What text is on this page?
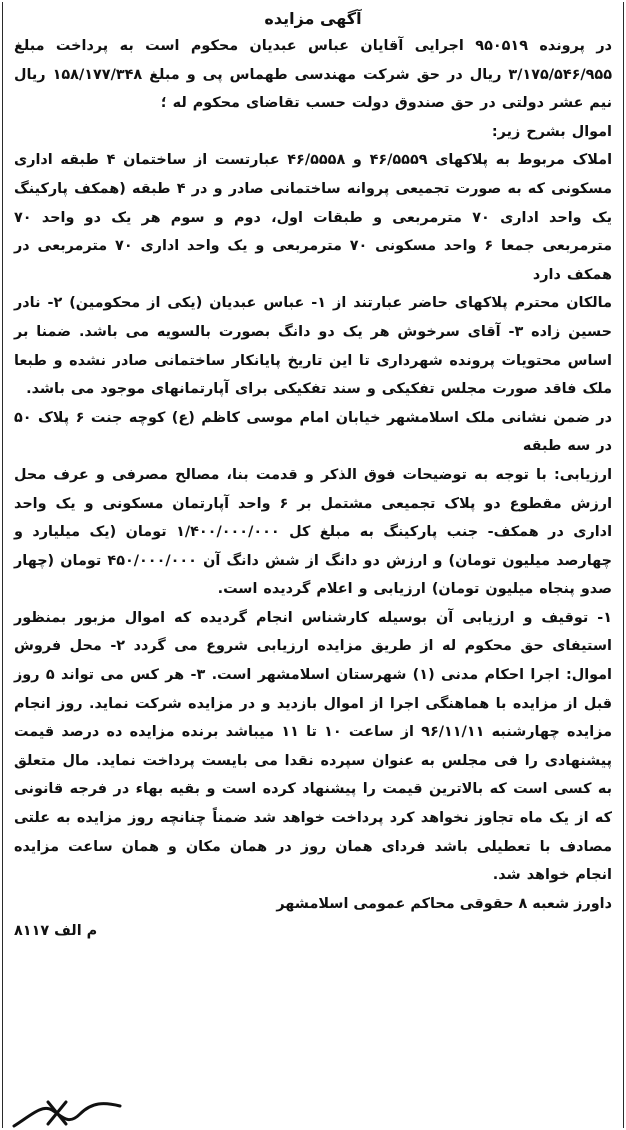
آگهی مزایده

در پرونده ۹۵۰۵۱۹ اجرایی آقایان عباس عبدیان محکوم است به پرداخت مبلغ ۳/۱۷۵/۵۴۶/۹۵۵ ریال در حق شرکت مهندسی طهماس پی و مبلغ ۱۵۸/۱۷۷/۳۴۸ ریال نیم عشر دولتی در حق صندوق دولت حسب تقاضای محکوم له ؛

اموال بشرح زیر:

املاک مربوط به پلاکهای ۴۶/۵۵۵۹ و ۴۶/۵۵۵۸ عبارتست از ساختمان ۴ طبقه اداری مسکونی که به صورت تجمیعی پروانه ساختمانی صادر و در ۴ طبقه (همکف پارکینگ یک واحد اداری ۷۰ مترمربعی و طبقات اول، دوم و سوم هر یک دو واحد ۷۰ مترمربعی جمعا ۶ واحد مسکونی ۷۰ مترمربعی و یک واحد اداری ۷۰ مترمربعی در همکف دارد

مالکان محترم پلاکهای حاضر عبارتند از ۱- عباس عبدیان (یکی از محکومین) ۲- نادر حسین زاده ۳- آقای سرخوش هر یک دو دانگ بصورت بالسویه می باشد. ضمنا بر اساس محتویات پرونده شهرداری تا این تاریخ پایانکار ساختمانی صادر نشده و طبعا ملک فاقد صورت مجلس تفکیکی و سند تفکیکی برای آپارتمانهای موجود می باشد.

در ضمن نشانی ملک اسلامشهر خیابان امام موسی کاظم (ع) کوچه جنت ۶ پلاک ۵۰ در سه طبقه

ارزیابی: با توجه به توضیحات فوق الذکر و قدمت بنا، مصالح مصرفی و عرف محل ارزش مقطوع دو پلاک تجمیعی مشتمل بر ۶ واحد آپارتمان مسکونی و یک واحد اداری در همکف- جنب پارکینگ به مبلغ کل ۱/۴۰۰/۰۰۰/۰۰۰ تومان (یک میلیارد و چهارصد میلیون تومان) و ارزش دو دانگ از شش دانگ آن ۴۵۰/۰۰۰/۰۰۰ تومان (چهار صدو پنجاه میلیون تومان) ارزیابی و اعلام گردیده است.

۱- توقیف و ارزیابی آن بوسیله کارشناس انجام گردیده که اموال مزبور بمنظور استیفای حق محکوم له از طریق مزایده ارزیابی شروع می گردد ۲- محل فروش اموال: اجرا احکام مدنی (۱) شهرستان اسلامشهر است. ۳- هر کس می تواند ۵ روز قبل از مزایده با هماهنگی اجرا از اموال بازدید و در مزایده شرکت نماید. روز انجام مزایده چهارشنبه ۹۶/۱۱/۱۱ از ساعت ۱۰ تا ۱۱ میباشد برنده مزایده ده درصد قیمت پیشنهادی را فی مجلس به عنوان سپرده نقدا می بایست پرداخت نماید. مال متعلق به کسی است که بالاترین قیمت را پیشنهاد کرده است و بقیه بهاء در فرجه قانونی که از یک ماه تجاوز نخواهد کرد پرداخت خواهد شد ضمناً چنانچه روز مزایده به علتی مصادف با تعطیلی باشد فردای همان روز در همان مکان و همان ساعت مزایده انجام خواهد شد.

داورز شعبه ۸ حقوقی محاکم عمومی اسلامشهر
م الف ۸۱۱۷
